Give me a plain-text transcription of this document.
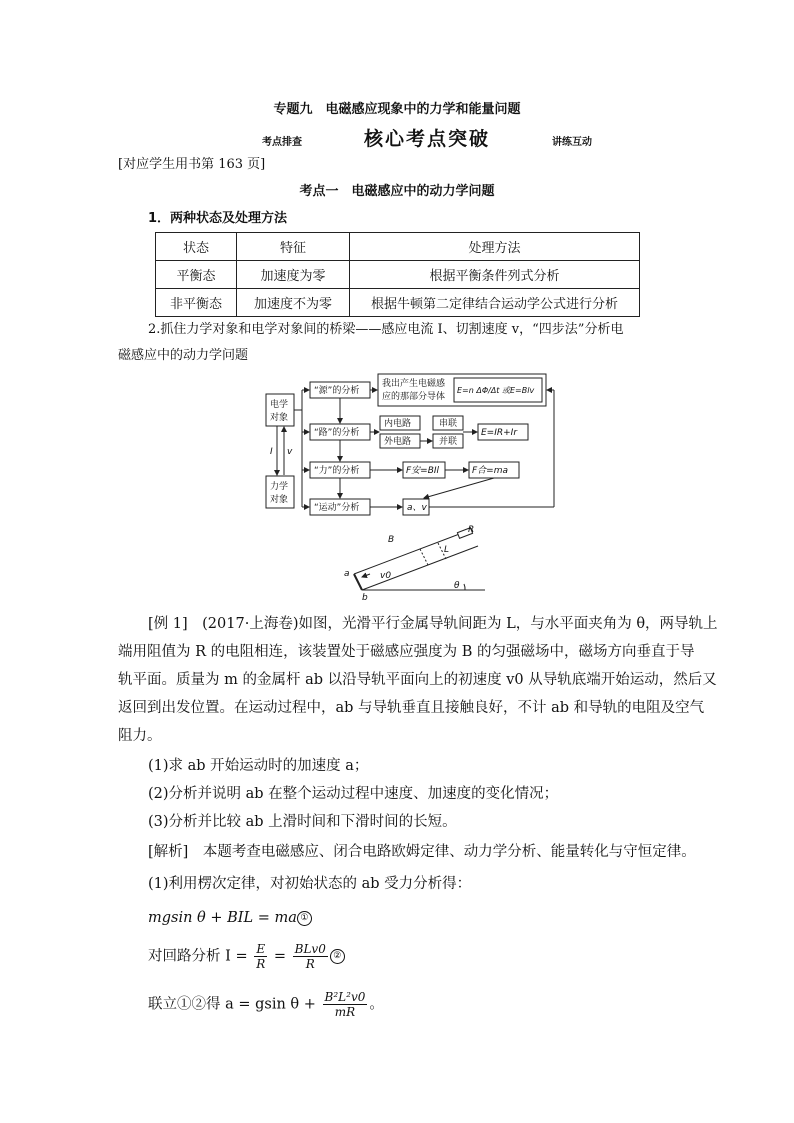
专题九　电磁感应现象中的力学和能量问题
考点排查	核心考点突破	讲练互动
[对应学生用书第 163 页]
考点一　电磁感应中的动力学问题
1．两种状态及处理方法
状态	特征	处理方法
平衡态	加速度为零	根据平衡条件列式分析
非平衡态	加速度不为零	根据牛顿第二定律结合运动学公式进行分析
2.抓住力学对象和电学对象间的桥梁——感应电流 I、切割速度 v，“四步法”分析电
磁感应中的动力学问题
电学
对象
力学
对象
I v
“源”的分析
“路”的分析
“力”的分析
“运动”分析
我出产生电磁感
应的那部分导体
E=n ΔΦ/Δt 或E=Blv
内电路
外电路
串联
并联
E=IR+Ir
F安=BIl	F合=ma
a、v
B
R
L
a
b
v0
θ
[例 1]　(2017·上海卷)如图，光滑平行金属导轨间距为 L，与水平面夹角为 θ，两导轨上
端用阻值为 R 的电阻相连，该装置处于磁感应强度为 B 的匀强磁场中，磁场方向垂直于导
轨平面。质量为 m 的金属杆 ab 以沿导轨平面向上的初速度 v0 从导轨底端开始运动，然后又
返回到出发位置。在运动过程中，ab 与导轨垂直且接触良好，不计 ab 和导轨的电阻及空气
阻力。
(1)求 ab 开始运动时的加速度 a；
(2)分析并说明 ab 在整个运动过程中速度、加速度的变化情况；
(3)分析并比较 ab 上滑时间和下滑时间的长短。
[解析]　本题考查电磁感应、闭合电路欧姆定律、动力学分析、能量转化与守恒定律。
(1)利用楞次定律，对初始状态的 ab 受力分析得：
mgsin θ + BIL = ma ①
对回路分析 $I = \frac{E}{R} = \frac{\text{BLv0}}{R}$ ②
联立①②得 a = gsin $\theta + \frac{\text{B²L²v0}}{mR}$ 。
